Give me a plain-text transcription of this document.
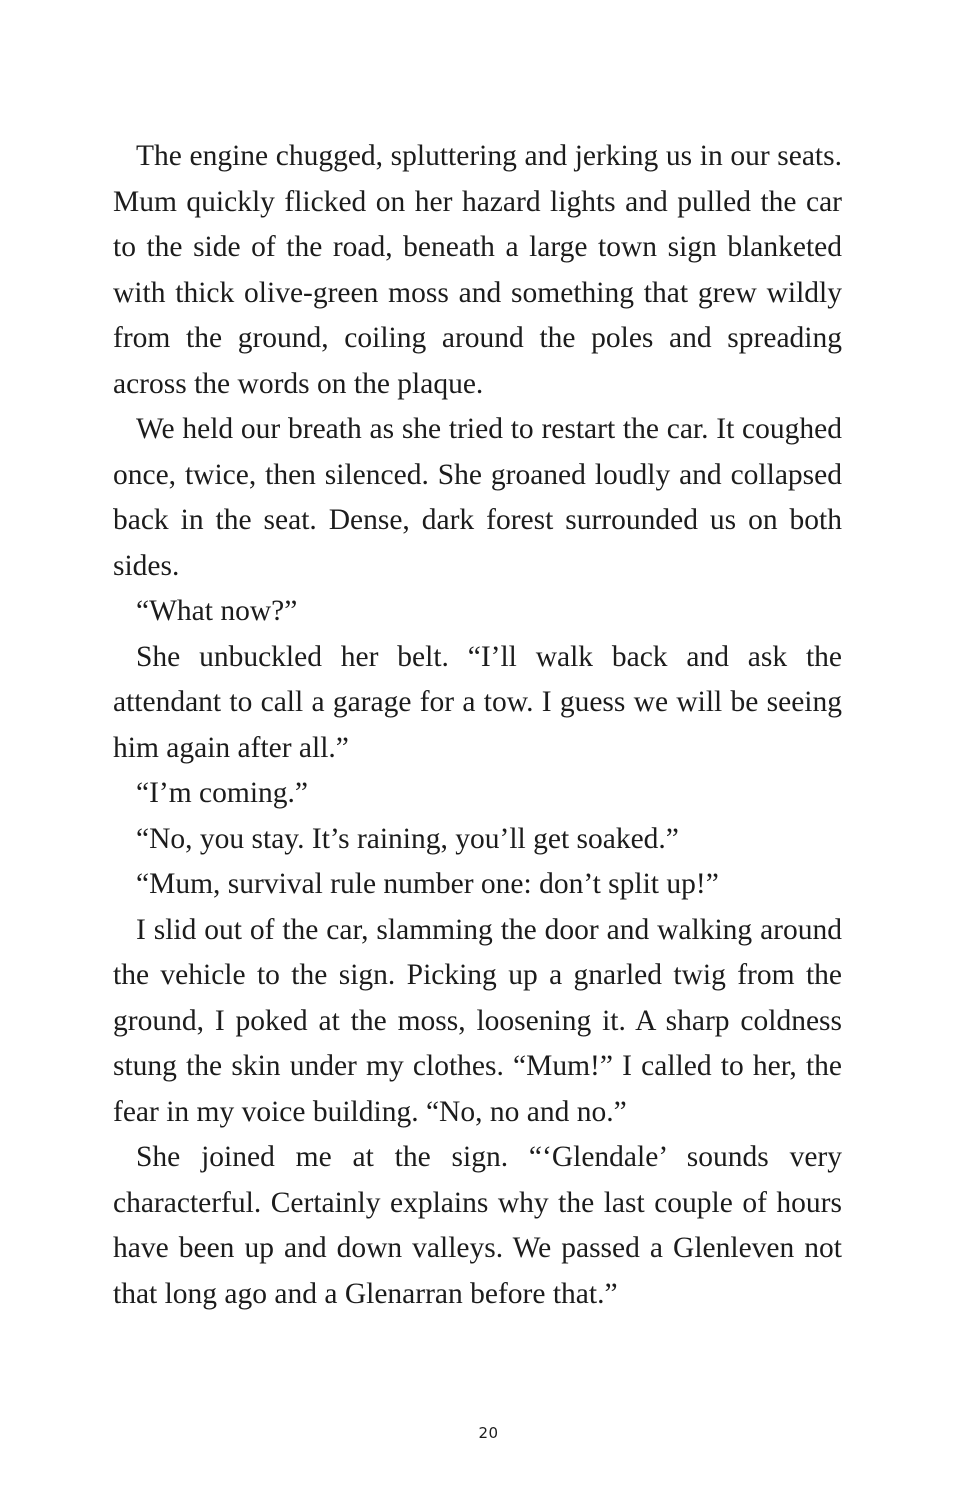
The engine chugged, spluttering and jerking us in our seats. Mum quickly flicked on her hazard lights and pulled the car to the side of the road, beneath a large town sign blanketed with thick olive-green moss and something that grew wildly from the ground, coiling around the poles and spreading across the words on the plaque.

We held our breath as she tried to restart the car. It coughed once, twice, then silenced. She groaned loudly and collapsed back in the seat. Dense, dark forest surrounded us on both sides.

“What now?”

She unbuckled her belt. “I’ll walk back and ask the attendant to call a garage for a tow. I guess we will be seeing him again after all.”

“I’m coming.”

“No, you stay. It’s raining, you’ll get soaked.”

“Mum, survival rule number one: don’t split up!”

I slid out of the car, slamming the door and walking around the vehicle to the sign. Picking up a gnarled twig from the ground, I poked at the moss, loosening it. A sharp coldness stung the skin under my clothes. “Mum!” I called to her, the fear in my voice building. “No, no and no.”

She joined me at the sign. “‘Glendale’ sounds very characterful. Certainly explains why the last couple of hours have been up and down valleys. We passed a Glenleven not that long ago and a Glenarran before that.”

20
